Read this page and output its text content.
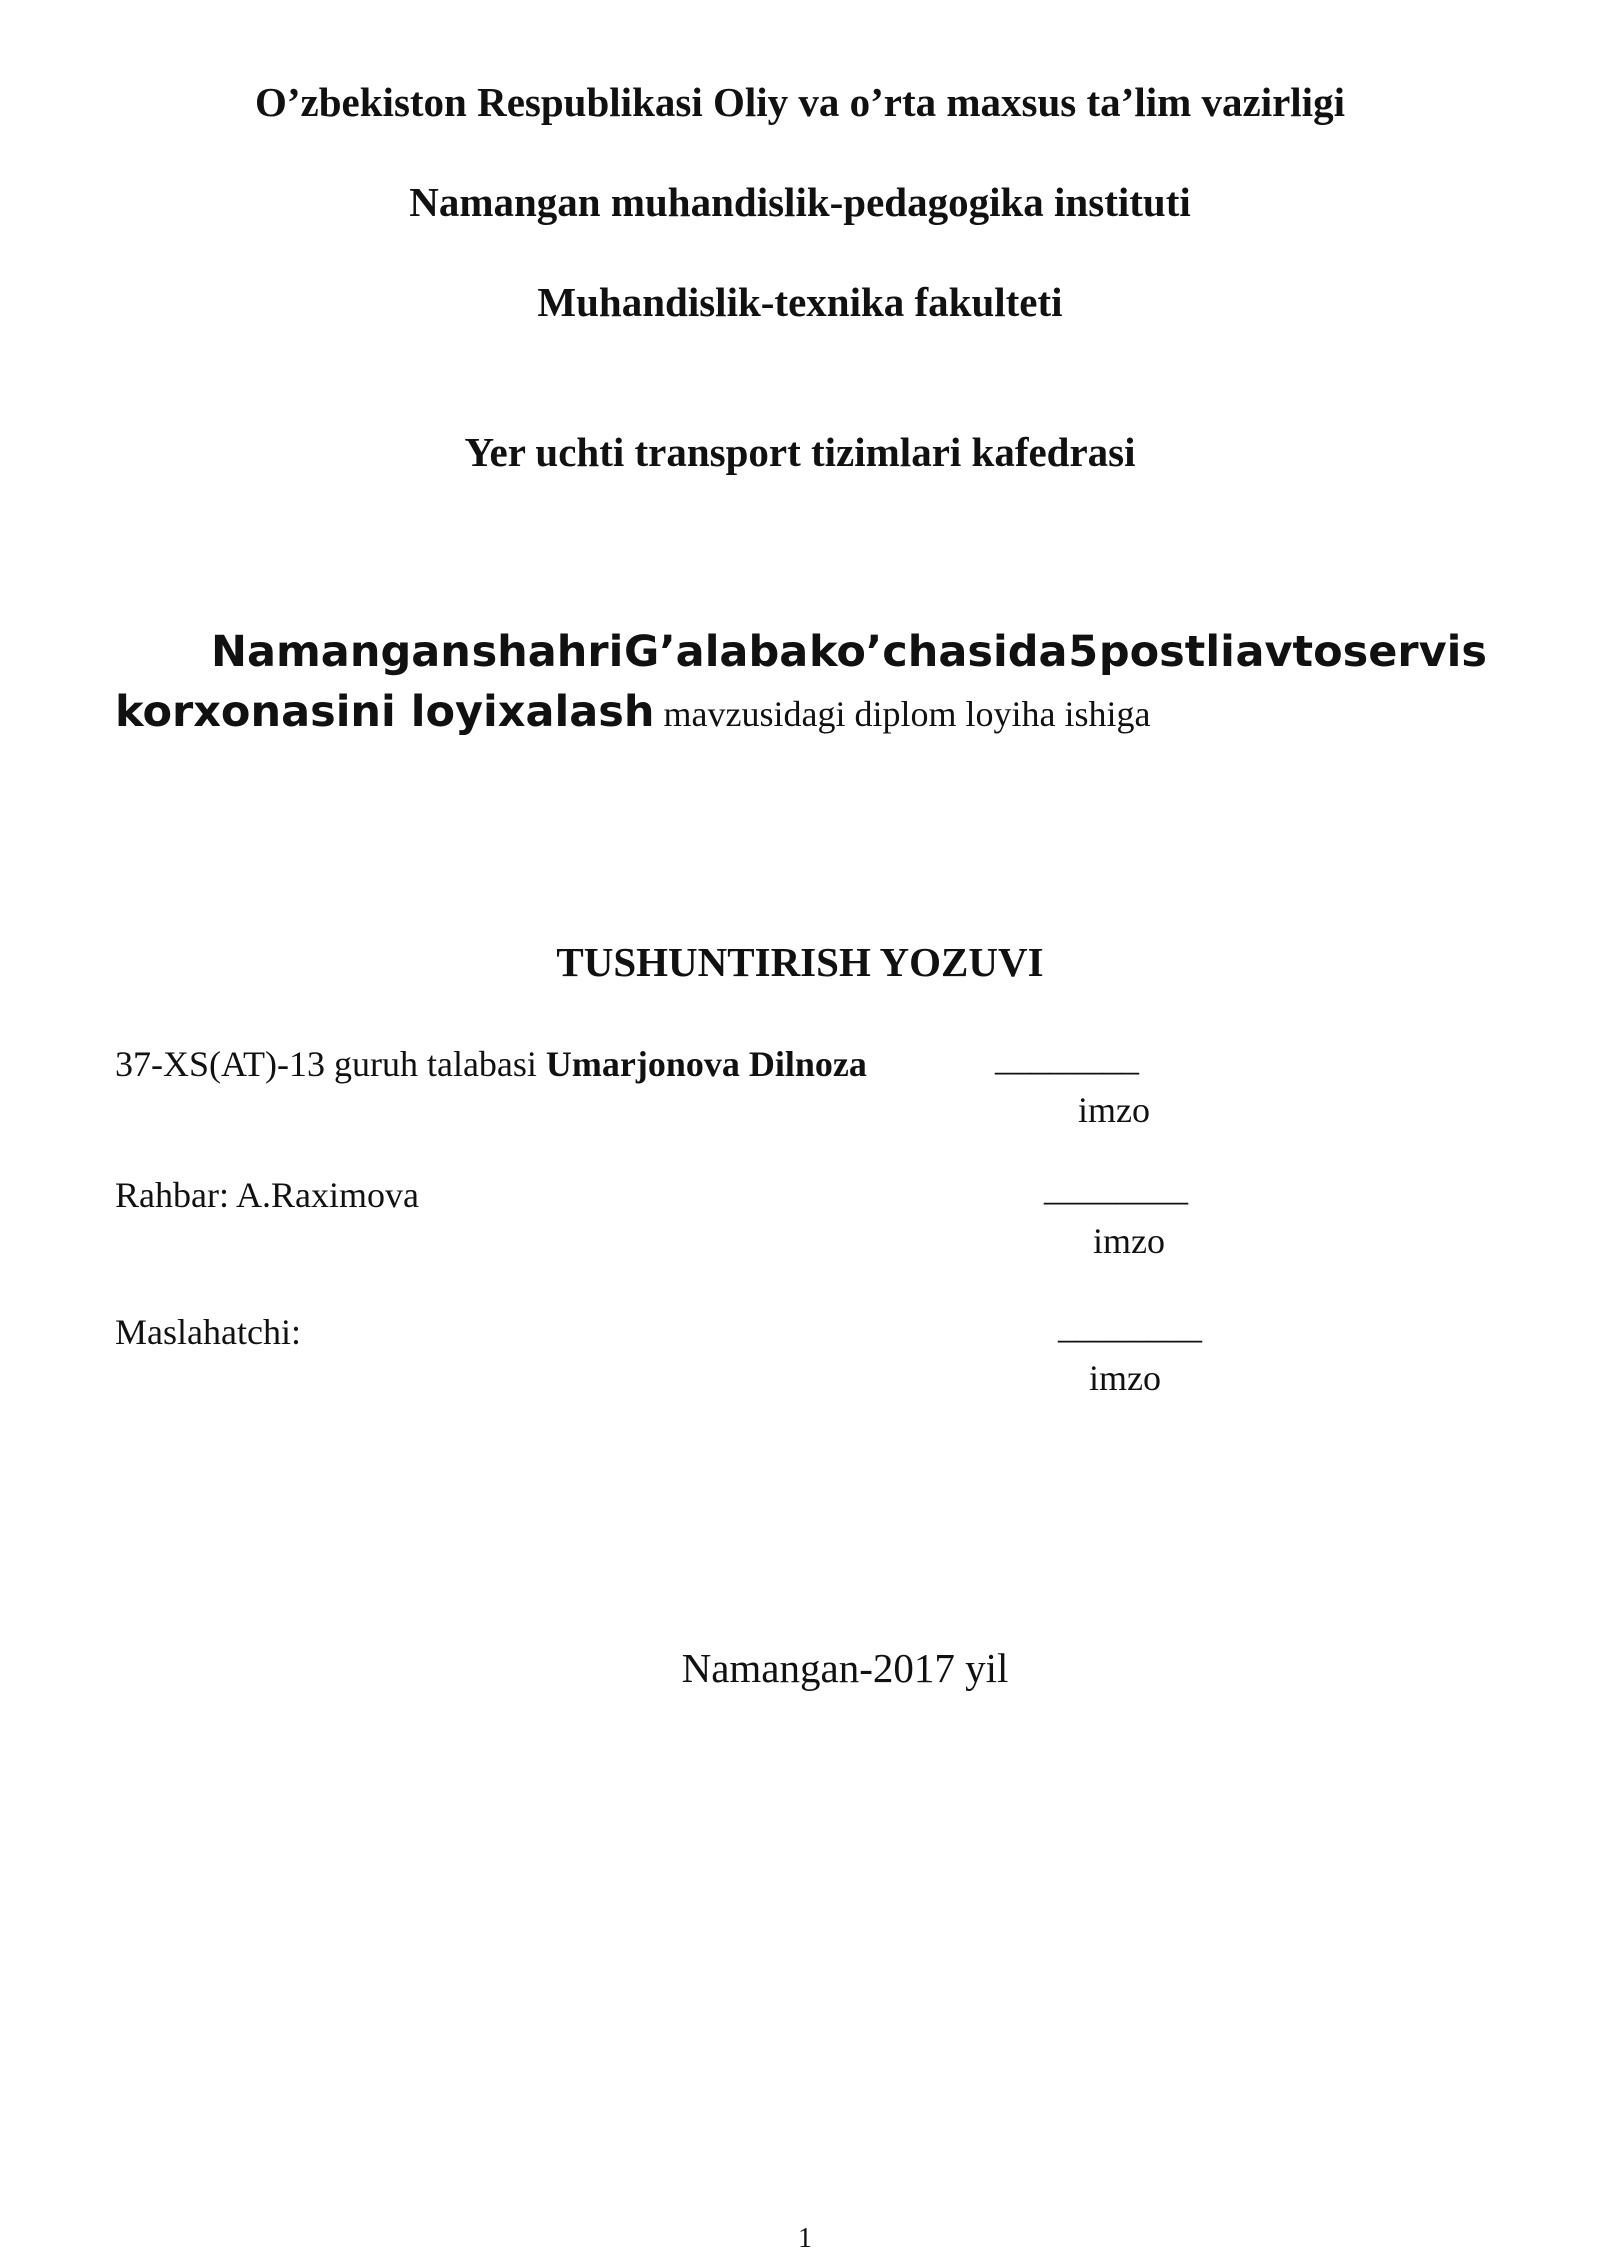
O’zbekiston Respublikasi Oliy va o’rta maxsus ta’lim vazirligi
Namangan muhandislik-pedagogika instituti
Muhandislik-texnika fakulteti
Yer uchti transport tizimlari kafedrasi
Namangan shahri G’alaba ko’chasida 5 postli avtoservis
korxonasini loyixalash mavzusidagi diplom loyiha ishiga
TUSHUNTIRISH YOZUVI
37-XS(AT)-13 guruh talabasi Umarjonova Dilnoza	________
imzo
Rahbar: A.Raximova	________
imzo
Maslahatchi:	________
imzo
Namangan-2017 yil
1
